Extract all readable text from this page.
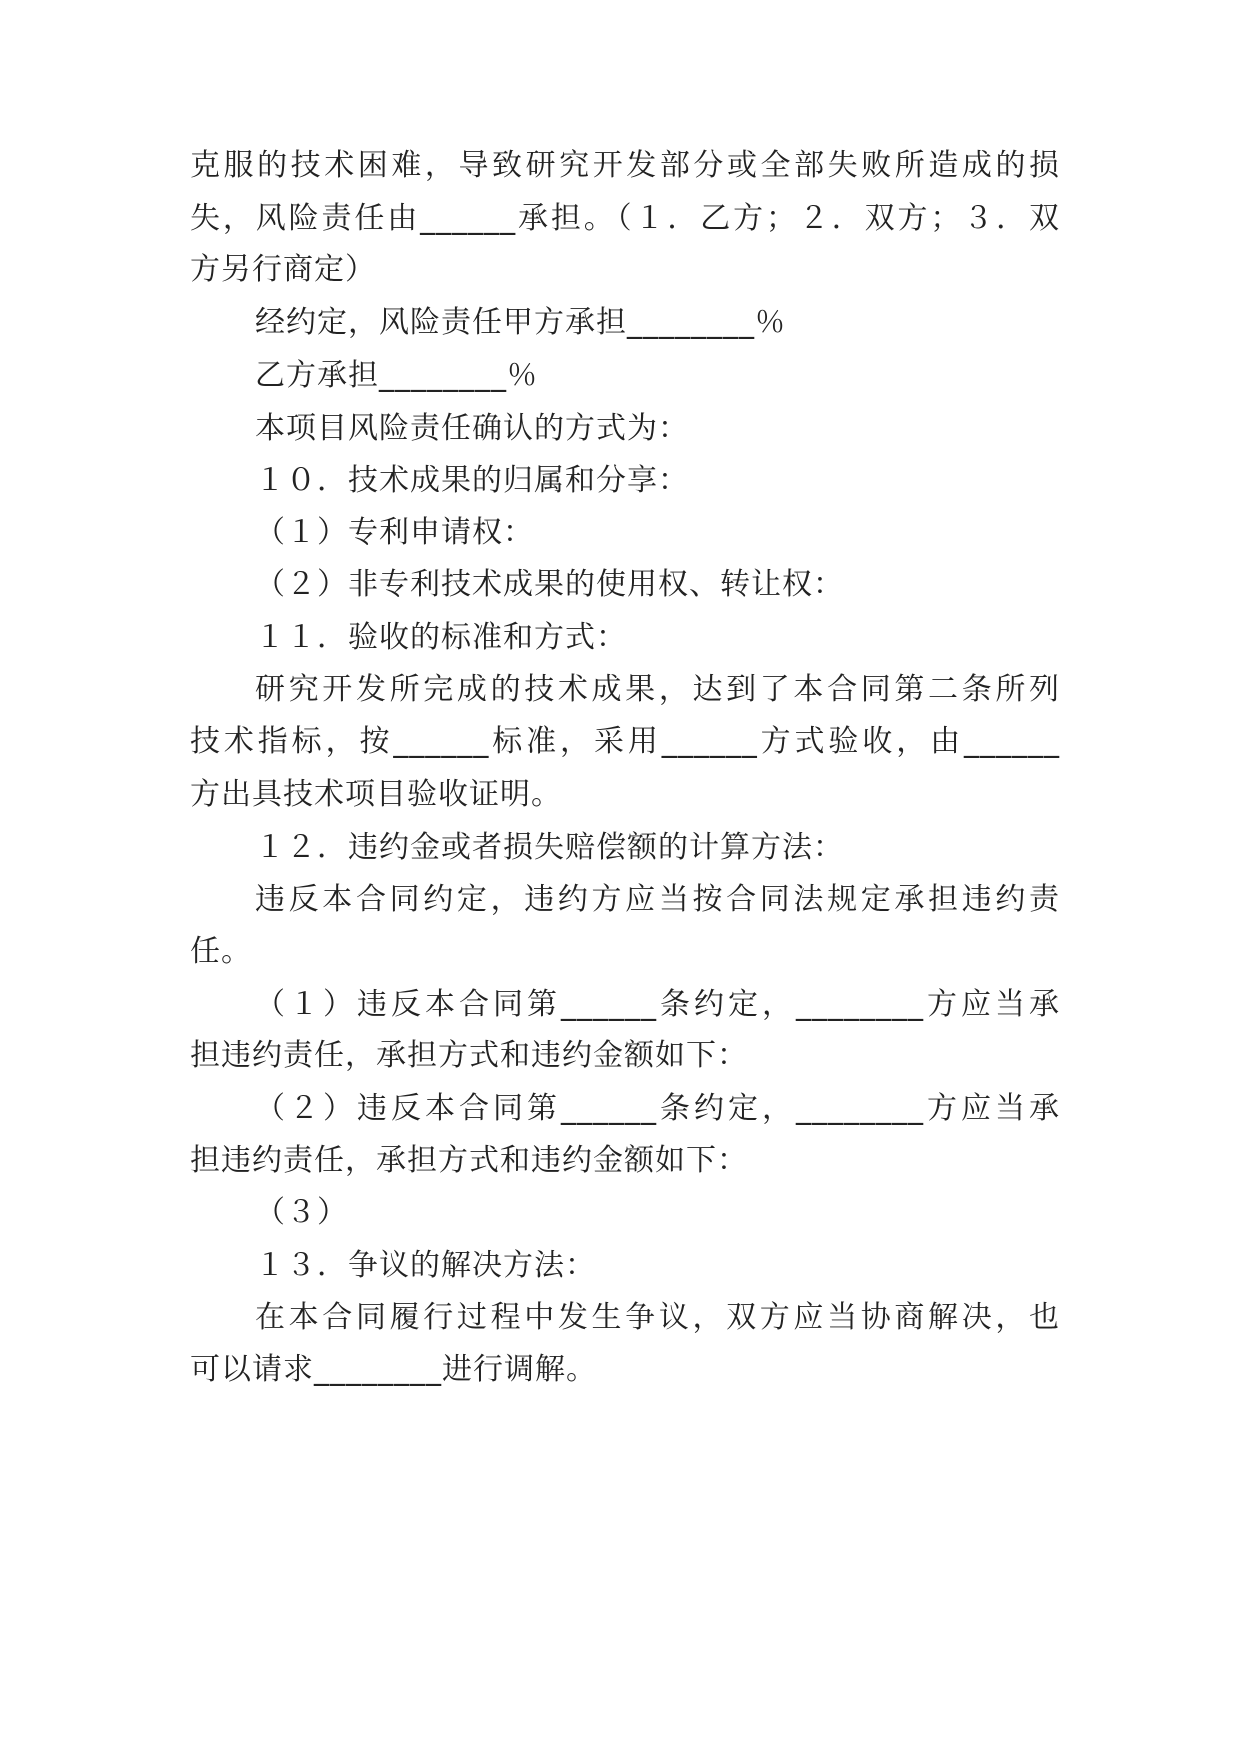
克服的技术困难，导致研究开发部分或全部失败所造成的损
失，风险责任由______承担。（１．乙方；２．双方；３．双
方另行商定）
经约定，风险责任甲方承担________％
乙方承担________％
本项目风险责任确认的方式为：
１０．技术成果的归属和分享：
（１）专利申请权：
（２）非专利技术成果的使用权、转让权：
１１．验收的标准和方式：
研究开发所完成的技术成果，达到了本合同第二条所列
技术指标，按______标准，采用______方式验收，由______
方出具技术项目验收证明。
１２．违约金或者损失赔偿额的计算方法：
违反本合同约定，违约方应当按合同法规定承担违约责
任。
（１）违反本合同第______条约定，________方应当承
担违约责任，承担方式和违约金额如下：
（２）违反本合同第______条约定，________方应当承
担违约责任，承担方式和违约金额如下：
（３）
１３．争议的解决方法：
在本合同履行过程中发生争议，双方应当协商解决，也
可以请求________进行调解。
